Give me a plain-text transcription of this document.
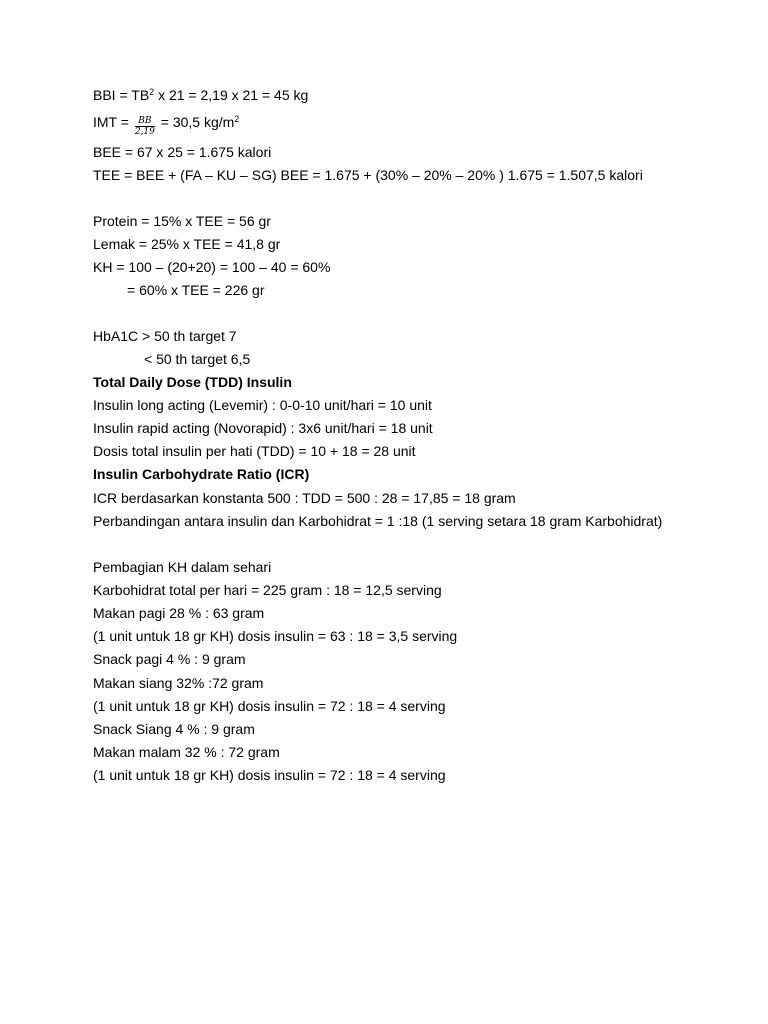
BBI = $TB^2$ x 21 = 2,19 x 21 = 45 kg
IMT = $\frac{BB}{2,19} = 30,5$ $kg/m^2$
BEE = 67 x 25 = 1.675 kalori
TEE = BEE + (FA – KU – SG) BEE = 1.675 + (30% – 20% – 20% ) 1.675 = 1.507,5 kalori
Protein = 15% x TEE = 56 gr
Lemak = 25% x TEE = 41,8 gr
KH = 100 – (20+20) = 100 – 40 = 60%
= 60% x TEE = 226 gr
HbA1C > 50 th target 7
< 50 th target 6,5
Total Daily Dose (TDD) Insulin
Insulin long acting (Levemir) : 0-0-10 unit/hari = 10 unit
Insulin rapid acting (Novorapid) : 3x6 unit/hari = 18 unit
Dosis total insulin per hati (TDD) = 10 + 18 = 28 unit
Insulin Carbohydrate Ratio (ICR)
ICR berdasarkan konstanta 500 : TDD = 500 : 28 = 17,85 = 18 gram
Perbandingan antara insulin dan Karbohidrat = 1 :18 (1 serving setara 18 gram Karbohidrat)
Pembagian KH dalam sehari
Karbohidrat total per hari = 225 gram : 18 = 12,5 serving
Makan pagi 28 % : 63 gram
(1 unit untuk 18 gr KH) dosis insulin = 63 : 18 = 3,5 serving
Snack pagi 4 % : 9 gram
Makan siang 32% :72 gram
(1 unit untuk 18 gr KH) dosis insulin = 72 : 18 = 4 serving
Snack Siang 4 % : 9 gram
Makan malam 32 % : 72 gram
(1 unit untuk 18 gr KH) dosis insulin = 72 : 18 = 4 serving
